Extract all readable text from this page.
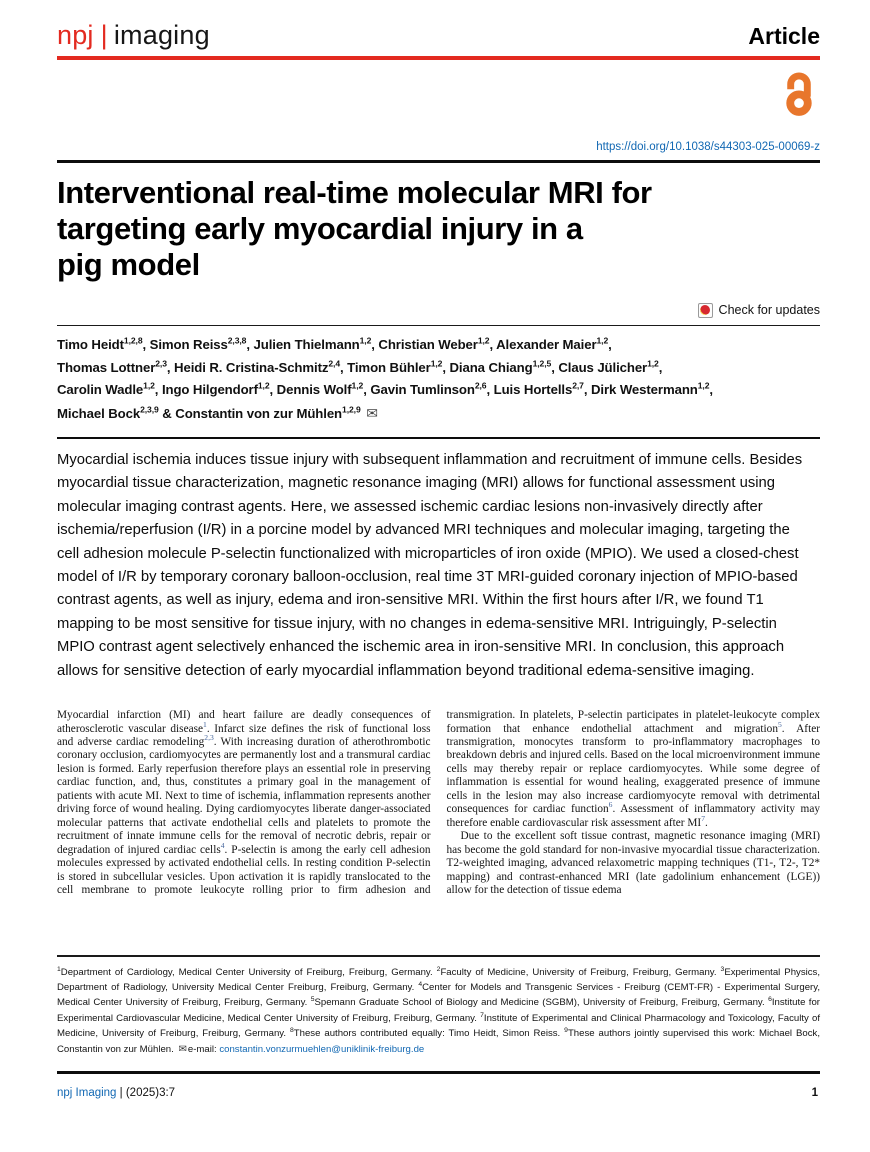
npj | imaging	Article
https://doi.org/10.1038/s44303-025-00069-z
Interventional real-time molecular MRI for
targeting early myocardial injury in a
pig model
Check for updates
Timo Heidt$^{1,2,8}$, Simon Reiss$^{2,3,8}$, Julien Thielmann$^{1,2}$, Christian Weber$^{1,2}$, Alexander Maier$^{1,2}$,
Thomas Lottner$^{2,3}$, Heidi R. Cristina-Schmitz$^{2,4}$, Timon Bühler$^{1,2}$, Diana Chiang$^{1,2,5}$, Claus Jülicher$^{1,2}$,
Carolin Wadle$^{1,2}$, Ingo Hilgendorf$^{1,2}$, Dennis Wolf$^{1,2}$, Gavin Tumlinson$^{2,6}$, Luis Hortells$^{2,7}$, Dirk Westermann$^{1,2}$,
Michael Bock$^{2,3,9}$ & Constantin von zur Mühlen$^{1,2,9}$ ✉
Myocardial ischemia induces tissue injury with subsequent inflammation and recruitment of immune cells. Besides myocardial tissue characterization, magnetic resonance imaging (MRI) allows for functional assessment using molecular imaging contrast agents. Here, we assessed ischemic cardiac lesions non-invasively directly after ischemia/reperfusion (I/R) in a porcine model by advanced MRI techniques and molecular imaging, targeting the cell adhesion molecule P-selectin functionalized with microparticles of iron oxide (MPIO). We used a closed-chest model of I/R by temporary coronary balloon-occlusion, real time 3T MRI-guided coronary injection of MPIO-based contrast agents, as well as injury, edema and iron-sensitive MRI. Within the first hours after I/R, we found T1 mapping to be most sensitive for tissue injury, with no changes in edema-sensitive MRI. Intriguingly, P-selectin MPIO contrast agent selectively enhanced the ischemic area in iron-sensitive MRI. In conclusion, this approach allows for sensitive detection of early myocardial inflammation beyond traditional edema-sensitive imaging.

Myocardial infarction (MI) and heart failure are deadly consequences of atherosclerotic vascular disease$^1$. Infarct size defines the risk of functional loss and adverse cardiac remodeling$^{2,3}$. With increasing duration of atherothrombotic coronary occlusion, cardiomyocytes are permanently lost and a transmural cardiac lesion is formed. Early reperfusion therefore plays an essential role in preserving cardiac function, and, thus, constitutes a primary goal in the management of patients with acute MI. Next to time of ischemia, inflammation represents another driving force of wound healing. Dying cardiomyocytes liberate danger-associated molecular patterns that activate endothelial cells and platelets to promote the recruitment of innate immune cells for the removal of necrotic debris, repair or degradation of injured cardiac cells$^4$. P-selectin is among the early cell adhesion molecules expressed by activated endothelial cells. In resting condition P-selectin is stored in subcellular vesicles. Upon activation it is rapidly translocated to the cell membrane to promote leukocyte rolling prior to firm adhesion and transmigration. In platelets, P-selectin participates in platelet-leukocyte complex formation that enhance endothelial attachment and migration$^5$. After transmigration, monocytes transform to pro-inflammatory macrophages to breakdown debris and injured cells. Based on the local microenvironment immune cells may thereby repair or replace cardiomyocytes. While some degree of inflammation is essential for wound healing, exaggerated presence of immune cells in the lesion may also increase cardiomyocyte removal with detrimental consequences for cardiac function$^6$. Assessment of inflammatory activity may therefore enable cardiovascular risk assessment after $MI^7$.

Due to the excellent soft tissue contrast, magnetic resonance imaging (MRI) has become the gold standard for non-invasive myocardial tissue characterization. T2-weighted imaging, advanced relaxometric mapping techniques (T1-, T2-, T2* mapping) and contrast-enhanced MRI (late gadolinium enhancement (LGE)) allow for the detection of tissue edema

$^1$Department of Cardiology, Medical Center University of Freiburg, Freiburg, Germany. $^2$Faculty of Medicine, University of Freiburg, Freiburg, Germany. $^3$Experimental Physics, Department of Radiology, University Medical Center Freiburg, Freiburg, Germany. $^4$Center for Models and Transgenic Services - Freiburg (CEMT-FR) - Experimental Surgery, Medical Center University of Freiburg, Freiburg, Germany. $^5$Spemann Graduate School of Biology and Medicine (SGBM), University of Freiburg, Freiburg, Germany. $^6$Institute for Experimental Cardiovascular Medicine, Medical Center University of Freiburg, Freiburg, Germany. $^7$Institute of Experimental and Clinical Pharmacology and Toxicology, Faculty of Medicine, University of Freiburg, Freiburg, Germany. $^8$These authors contributed equally: Timo Heidt, Simon Reiss. $^9$These authors jointly supervised this work: Michael Bock, Constantin von zur Mühlen. ✉e-mail: constantin.vonzurmuehlen@uniklinik-freiburg.de
npj Imaging | (2025)3:7	1
